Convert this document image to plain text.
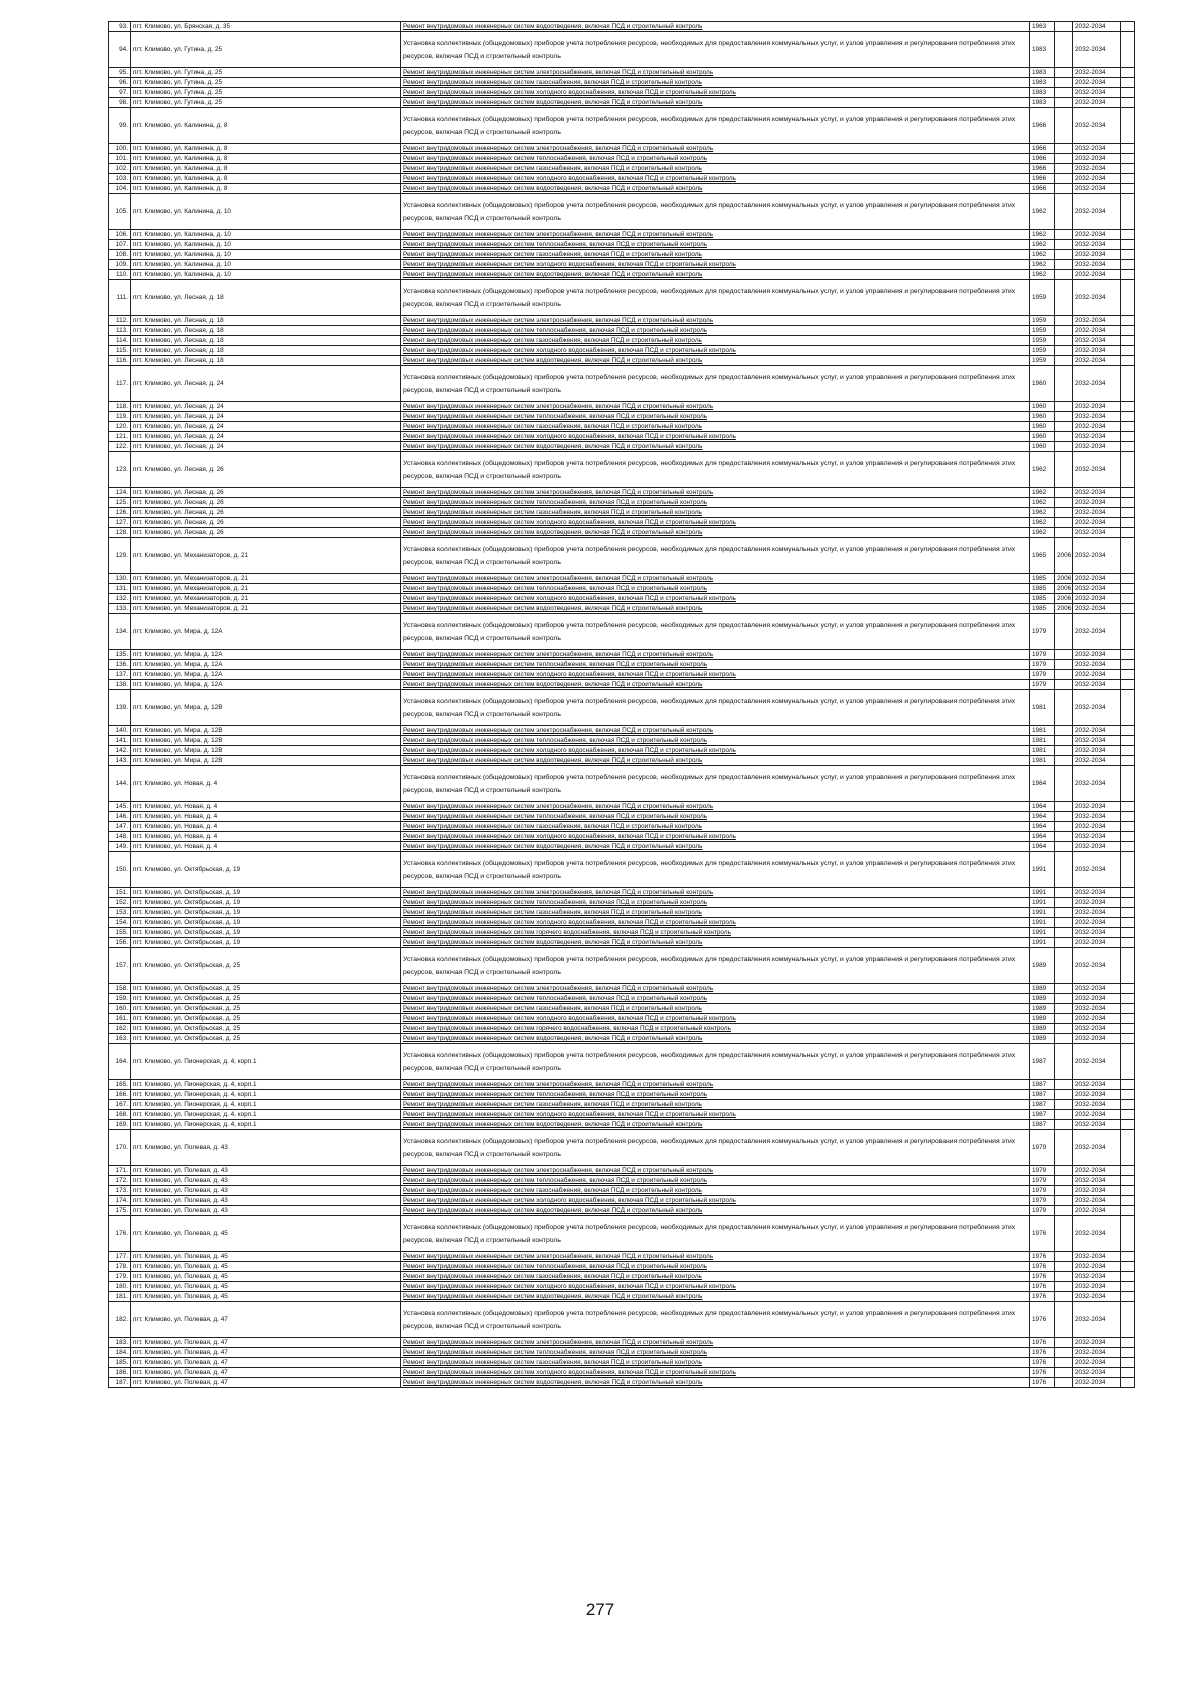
93.	пгт. Климово, ул. Брянская, д. 35	Ремонт внутридомовых инженерных систем водоотведения, включая ПСД и строительный контроль	1963		2032-2034	
94.	пгт. Климово, ул. Гутина, д. 25	Установка коллективных (общедомовых) приборов учета потребления ресурсов, необходимых для предоставления коммунальных услуг, и узлов управления и регулирования потребления этих ресурсов, включая ПСД и строительный контроль	1983		2032-2034	
95.	пгт. Климово, ул. Гутина, д. 25	Ремонт внутридомовых инженерных систем электроснабжения, включая ПСД и строительный контроль	1983		2032-2034	
96.	пгт. Климово, ул. Гутина, д. 25	Ремонт внутридомовых инженерных систем газоснабжения, включая ПСД и строительный контроль	1983		2032-2034	
97.	пгт. Климово, ул. Гутина, д. 25	Ремонт внутридомовых инженерных систем холодного водоснабжения, включая ПСД и строительный контроль	1983		2032-2034	
98.	пгт. Климово, ул. Гутина, д. 25	Ремонт внутридомовых инженерных систем водоотведения, включая ПСД и строительный контроль	1983		2032-2034	
99.	пгт. Климово, ул. Калинина, д. 8	Установка коллективных (общедомовых) приборов учета потребления ресурсов, необходимых для предоставления коммунальных услуг, и узлов управления и регулирования потребления этих ресурсов, включая ПСД и строительный контроль	1966		2032-2034	
100.	пгт. Климово, ул. Калинина, д. 8	Ремонт внутридомовых инженерных систем электроснабжения, включая ПСД и строительный контроль	1966		2032-2034	
101.	пгт. Климово, ул. Калинина, д. 8	Ремонт внутридомовых инженерных систем теплоснабжения, включая ПСД и строительный контроль	1966		2032-2034	
102.	пгт. Климово, ул. Калинина, д. 8	Ремонт внутридомовых инженерных систем газоснабжения, включая ПСД и строительный контроль	1966		2032-2034	
103.	пгт. Климово, ул. Калинина, д. 8	Ремонт внутридомовых инженерных систем холодного водоснабжения, включая ПСД и строительный контроль	1966		2032-2034	
104.	пгт. Климово, ул. Калинина, д. 8	Ремонт внутридомовых инженерных систем водоотведения, включая ПСД и строительный контроль	1966		2032-2034	
105.	пгт. Климово, ул. Калинина, д. 10	Установка коллективных (общедомовых) приборов учета потребления ресурсов, необходимых для предоставления коммунальных услуг, и узлов управления и регулирования потребления этих ресурсов, включая ПСД и строительный контроль	1962		2032-2034	
106.	пгт. Климово, ул. Калинина, д. 10	Ремонт внутридомовых инженерных систем электроснабжения, включая ПСД и строительный контроль	1962		2032-2034	
107.	пгт. Климово, ул. Калинина, д. 10	Ремонт внутридомовых инженерных систем теплоснабжения, включая ПСД и строительный контроль	1962		2032-2034	
108.	пгт. Климово, ул. Калинина, д. 10	Ремонт внутридомовых инженерных систем газоснабжения, включая ПСД и строительный контроль	1962		2032-2034	
109.	пгт. Климово, ул. Калинина, д. 10	Ремонт внутридомовых инженерных систем холодного водоснабжения, включая ПСД и строительный контроль	1962		2032-2034	
110.	пгт. Климово, ул. Калинина, д. 10	Ремонт внутридомовых инженерных систем водоотведения, включая ПСД и строительный контроль	1962		2032-2034	
111.	пгт. Климово, ул. Лесная, д. 18	Установка коллективных (общедомовых) приборов учета потребления ресурсов, необходимых для предоставления коммунальных услуг, и узлов управления и регулирования потребления этих ресурсов, включая ПСД и строительный контроль	1959		2032-2034	
112.	пгт. Климово, ул. Лесная, д. 18	Ремонт внутридомовых инженерных систем электроснабжения, включая ПСД и строительный контроль	1959		2032-2034	
113.	пгт. Климово, ул. Лесная, д. 18	Ремонт внутридомовых инженерных систем теплоснабжения, включая ПСД и строительный контроль	1959		2032-2034	
114.	пгт. Климово, ул. Лесная, д. 18	Ремонт внутридомовых инженерных систем газоснабжения, включая ПСД и строительный контроль	1959		2032-2034	
115.	пгт. Климово, ул. Лесная, д. 18	Ремонт внутридомовых инженерных систем холодного водоснабжения, включая ПСД и строительный контроль	1959		2032-2034	
116.	пгт. Климово, ул. Лесная, д. 18	Ремонт внутридомовых инженерных систем водоотведения, включая ПСД и строительный контроль	1959		2032-2034	
117.	пгт. Климово, ул. Лесная, д. 24	Установка коллективных (общедомовых) приборов учета потребления ресурсов, необходимых для предоставления коммунальных услуг, и узлов управления и регулирования потребления этих ресурсов, включая ПСД и строительный контроль	1960		2032-2034	
118.	пгт. Климово, ул. Лесная, д. 24	Ремонт внутридомовых инженерных систем электроснабжения, включая ПСД и строительный контроль	1960		2032-2034	
119.	пгт. Климово, ул. Лесная, д. 24	Ремонт внутридомовых инженерных систем теплоснабжения, включая ПСД и строительный контроль	1960		2032-2034	
120.	пгт. Климово, ул. Лесная, д. 24	Ремонт внутридомовых инженерных систем газоснабжения, включая ПСД и строительный контроль	1960		2032-2034	
121.	пгт. Климово, ул. Лесная, д. 24	Ремонт внутридомовых инженерных систем холодного водоснабжения, включая ПСД и строительный контроль	1960		2032-2034	
122.	пгт. Климово, ул. Лесная, д. 24	Ремонт внутридомовых инженерных систем водоотведения, включая ПСД и строительный контроль	1960		2032-2034	
123.	пгт. Климово, ул. Лесная, д. 26	Установка коллективных (общедомовых) приборов учета потребления ресурсов, необходимых для предоставления коммунальных услуг, и узлов управления и регулирования потребления этих ресурсов, включая ПСД и строительный контроль	1962		2032-2034	
124.	пгт. Климово, ул. Лесная, д. 26	Ремонт внутридомовых инженерных систем электроснабжения, включая ПСД и строительный контроль	1962		2032-2034	
125.	пгт. Климово, ул. Лесная, д. 26	Ремонт внутридомовых инженерных систем теплоснабжения, включая ПСД и строительный контроль	1962		2032-2034	
126.	пгт. Климово, ул. Лесная, д. 26	Ремонт внутридомовых инженерных систем газоснабжения, включая ПСД и строительный контроль	1962		2032-2034	
127.	пгт. Климово, ул. Лесная, д. 26	Ремонт внутридомовых инженерных систем холодного водоснабжения, включая ПСД и строительный контроль	1962		2032-2034	
128.	пгт. Климово, ул. Лесная, д. 26	Ремонт внутридомовых инженерных систем водоотведения, включая ПСД и строительный контроль	1962		2032-2034	
129.	пгт. Климово, ул. Механизаторов, д. 21	Установка коллективных (общедомовых) приборов учета потребления ресурсов, необходимых для предоставления коммунальных услуг, и узлов управления и регулирования потребления этих ресурсов, включая ПСД и строительный контроль	1965	2006	2032-2034	
130.	пгт. Климово, ул. Механизаторов, д. 21	Ремонт внутридомовых инженерных систем электроснабжения, включая ПСД и строительный контроль	1985	2006	2032-2034	
131.	пгт. Климово, ул. Механизаторов, д. 21	Ремонт внутридомовых инженерных систем теплоснабжения, включая ПСД и строительный контроль	1985	2006	2032-2034	
132.	пгт. Климово, ул. Механизаторов, д. 21	Ремонт внутридомовых инженерных систем холодного водоснабжения, включая ПСД и строительный контроль	1985	2006	2032-2034	
133.	пгт. Климово, ул. Механизаторов, д. 21	Ремонт внутридомовых инженерных систем водоотведения, включая ПСД и строительный контроль	1985	2006	2032-2034	
134.	пгт. Климово, ул. Мира, д. 12А	Установка коллективных (общедомовых) приборов учета потребления ресурсов, необходимых для предоставления коммунальных услуг, и узлов управления и регулирования потребления этих ресурсов, включая ПСД и строительный контроль	1979		2032-2034	
135.	пгт. Климово, ул. Мира, д. 12А	Ремонт внутридомовых инженерных систем электроснабжения, включая ПСД и строительный контроль	1979		2032-2034	
136.	пгт. Климово, ул. Мира, д. 12А	Ремонт внутридомовых инженерных систем теплоснабжения, включая ПСД и строительный контроль	1979		2032-2034	
137.	пгт. Климово, ул. Мира, д. 12А	Ремонт внутридомовых инженерных систем холодного водоснабжения, включая ПСД и строительный контроль	1979		2032-2034	
138.	пгт. Климово, ул. Мира, д. 12А	Ремонт внутридомовых инженерных систем водоотведения, включая ПСД и строительный контроль	1979		2032-2034	
139.	пгт. Климово, ул. Мира, д. 12В	Установка коллективных (общедомовых) приборов учета потребления ресурсов, необходимых для предоставления коммунальных услуг, и узлов управления и регулирования потребления этих ресурсов, включая ПСД и строительный контроль	1981		2032-2034	
140.	пгт. Климово, ул. Мира, д. 12В	Ремонт внутридомовых инженерных систем электроснабжения, включая ПСД и строительный контроль	1981		2032-2034	
141.	пгт. Климово, ул. Мира, д. 12В	Ремонт внутридомовых инженерных систем теплоснабжения, включая ПСД и строительный контроль	1981		2032-2034	
142.	пгт. Климово, ул. Мира, д. 12В	Ремонт внутридомовых инженерных систем холодного водоснабжения, включая ПСД и строительный контроль	1981		2032-2034	
143.	пгт. Климово, ул. Мира, д. 12В	Ремонт внутридомовых инженерных систем водоотведения, включая ПСД и строительный контроль	1981		2032-2034	
144.	пгт. Климово, ул. Новая, д. 4	Установка коллективных (общедомовых) приборов учета потребления ресурсов, необходимых для предоставления коммунальных услуг, и узлов управления и регулирования потребления этих ресурсов, включая ПСД и строительный контроль	1964		2032-2034	
145.	пгт. Климово, ул. Новая, д. 4	Ремонт внутридомовых инженерных систем электроснабжения, включая ПСД и строительный контроль	1964		2032-2034	
146.	пгт. Климово, ул. Новая, д. 4	Ремонт внутридомовых инженерных систем теплоснабжения, включая ПСД и строительный контроль	1964		2032-2034	
147.	пгт. Климово, ул. Новая, д. 4	Ремонт внутридомовых инженерных систем газоснабжения, включая ПСД и строительный контроль	1964		2032-2034	
148.	пгт. Климово, ул. Новая, д. 4	Ремонт внутридомовых инженерных систем холодного водоснабжения, включая ПСД и строительный контроль	1964		2032-2034	
149.	пгт. Климово, ул. Новая, д. 4	Ремонт внутридомовых инженерных систем водоотведения, включая ПСД и строительный контроль	1964		2032-2034	
150.	пгт. Климово, ул. Октябрьская, д. 19	Установка коллективных (общедомовых) приборов учета потребления ресурсов, необходимых для предоставления коммунальных услуг, и узлов управления и регулирования потребления этих ресурсов, включая ПСД и строительный контроль	1991		2032-2034	
151.	пгт. Климово, ул. Октябрьская, д. 19	Ремонт внутридомовых инженерных систем электроснабжения, включая ПСД и строительный контроль	1991		2032-2034	
152.	пгт. Климово, ул. Октябрьская, д. 19	Ремонт внутридомовых инженерных систем теплоснабжения, включая ПСД и строительный контроль	1991		2032-2034	
153.	пгт. Климово, ул. Октябрьская, д. 19	Ремонт внутридомовых инженерных систем газоснабжения, включая ПСД и строительный контроль	1991		2032-2034	
154.	пгт. Климово, ул. Октябрьская, д. 19	Ремонт внутридомовых инженерных систем холодного водоснабжения, включая ПСД и строительный контроль	1991		2032-2034	
155.	пгт. Климово, ул. Октябрьская, д. 19	Ремонт внутридомовых инженерных систем горячего водоснабжения, включая ПСД и строительный контроль	1991		2032-2034	
156.	пгт. Климово, ул. Октябрьская, д. 19	Ремонт внутридомовых инженерных систем водоотведения, включая ПСД и строительный контроль	1991		2032-2034	
157.	пгт. Климово, ул. Октябрьская, д. 25	Установка коллективных (общедомовых) приборов учета потребления ресурсов, необходимых для предоставления коммунальных услуг, и узлов управления и регулирования потребления этих ресурсов, включая ПСД и строительный контроль	1989		2032-2034	
158.	пгт. Климово, ул. Октябрьская, д. 25	Ремонт внутридомовых инженерных систем электроснабжения, включая ПСД и строительный контроль	1989		2032-2034	
159.	пгт. Климово, ул. Октябрьская, д. 25	Ремонт внутридомовых инженерных систем теплоснабжения, включая ПСД и строительный контроль	1989		2032-2034	
160.	пгт. Климово, ул. Октябрьская, д. 25	Ремонт внутридомовых инженерных систем газоснабжения, включая ПСД и строительный контроль	1989		2032-2034	
161.	пгт. Климово, ул. Октябрьская, д. 25	Ремонт внутридомовых инженерных систем холодного водоснабжения, включая ПСД и строительный контроль	1989		2032-2034	
162.	пгт. Климово, ул. Октябрьская, д. 25	Ремонт внутридомовых инженерных систем горячего водоснабжения, включая ПСД и строительный контроль	1989		2032-2034	
163.	пгт. Климово, ул. Октябрьская, д. 25	Ремонт внутридомовых инженерных систем водоотведения, включая ПСД и строительный контроль	1989		2032-2034	
164.	пгт. Климово, ул. Пионерская, д. 4, корп.1	Установка коллективных (общедомовых) приборов учета потребления ресурсов, необходимых для предоставления коммунальных услуг, и узлов управления и регулирования потребления этих ресурсов, включая ПСД и строительный контроль	1987		2032-2034	
165.	пгт. Климово, ул. Пионерская, д. 4, корп.1	Ремонт внутридомовых инженерных систем электроснабжения, включая ПСД и строительный контроль	1987		2032-2034	
166.	пгт. Климово, ул. Пионерская, д. 4, корп.1	Ремонт внутридомовых инженерных систем теплоснабжения, включая ПСД и строительный контроль	1987		2032-2034	
167.	пгт. Климово, ул. Пионерская, д. 4, корп.1	Ремонт внутридомовых инженерных систем газоснабжения, включая ПСД и строительный контроль	1987		2032-2034	
168.	пгт. Климово, ул. Пионерская, д. 4, корп.1	Ремонт внутридомовых инженерных систем холодного водоснабжения, включая ПСД и строительный контроль	1987		2032-2034	
169.	пгт. Климово, ул. Пионерская, д. 4, корп.1	Ремонт внутридомовых инженерных систем водоотведения, включая ПСД и строительный контроль	1987		2032-2034	
170.	пгт. Климово, ул. Полевая, д. 43	Установка коллективных (общедомовых) приборов учета потребления ресурсов, необходимых для предоставления коммунальных услуг, и узлов управления и регулирования потребления этих ресурсов, включая ПСД и строительный контроль	1979		2032-2034	
171.	пгт. Климово, ул. Полевая, д. 43	Ремонт внутридомовых инженерных систем электроснабжения, включая ПСД и строительный контроль	1979		2032-2034	
172.	пгт. Климово, ул. Полевая, д. 43	Ремонт внутридомовых инженерных систем теплоснабжения, включая ПСД и строительный контроль	1979		2032-2034	
173.	пгт. Климово, ул. Полевая, д. 43	Ремонт внутридомовых инженерных систем газоснабжения, включая ПСД и строительный контроль	1979		2032-2034	
174.	пгт. Климово, ул. Полевая, д. 43	Ремонт внутридомовых инженерных систем холодного водоснабжения, включая ПСД и строительный контроль	1979		2032-2034	
175.	пгт. Климово, ул. Полевая, д. 43	Ремонт внутридомовых инженерных систем водоотведения, включая ПСД и строительный контроль	1979		2032-2034	
176.	пгт. Климово, ул. Полевая, д. 45	Установка коллективных (общедомовых) приборов учета потребления ресурсов, необходимых для предоставления коммунальных услуг, и узлов управления и регулирования потребления этих ресурсов, включая ПСД и строительный контроль	1976		2032-2034	
177.	пгт. Климово, ул. Полевая, д. 45	Ремонт внутридомовых инженерных систем электроснабжения, включая ПСД и строительный контроль	1976		2032-2034	
178.	пгт. Климово, ул. Полевая, д. 45	Ремонт внутридомовых инженерных систем теплоснабжения, включая ПСД и строительный контроль	1976		2032-2034	
179.	пгт. Климово, ул. Полевая, д. 45	Ремонт внутридомовых инженерных систем газоснабжения, включая ПСД и строительный контроль	1976		2032-2034	
180.	пгт. Климово, ул. Полевая, д. 45	Ремонт внутридомовых инженерных систем холодного водоснабжения, включая ПСД и строительный контроль	1976		2032-2034	
181.	пгт. Климово, ул. Полевая, д. 45	Ремонт внутридомовых инженерных систем водоотведения, включая ПСД и строительный контроль	1976		2032-2034	
182.	пгт. Климово, ул. Полевая, д. 47	Установка коллективных (общедомовых) приборов учета потребления ресурсов, необходимых для предоставления коммунальных услуг, и узлов управления и регулирования потребления этих ресурсов, включая ПСД и строительный контроль	1976		2032-2034	
183.	пгт. Климово, ул. Полевая, д. 47	Ремонт внутридомовых инженерных систем электроснабжения, включая ПСД и строительный контроль	1976		2032-2034	
184.	пгт. Климово, ул. Полевая, д. 47	Ремонт внутридомовых инженерных систем теплоснабжения, включая ПСД и строительный контроль	1976		2032-2034	
185.	пгт. Климово, ул. Полевая, д. 47	Ремонт внутридомовых инженерных систем газоснабжения, включая ПСД и строительный контроль	1976		2032-2034	
186.	пгт. Климово, ул. Полевая, д. 47	Ремонт внутридомовых инженерных систем холодного водоснабжения, включая ПСД и строительный контроль	1976		2032-2034	
187.	пгт. Климово, ул. Полевая, д. 47	Ремонт внутридомовых инженерных систем водоотведения, включая ПСД и строительный контроль	1976		2032-2034	
277
